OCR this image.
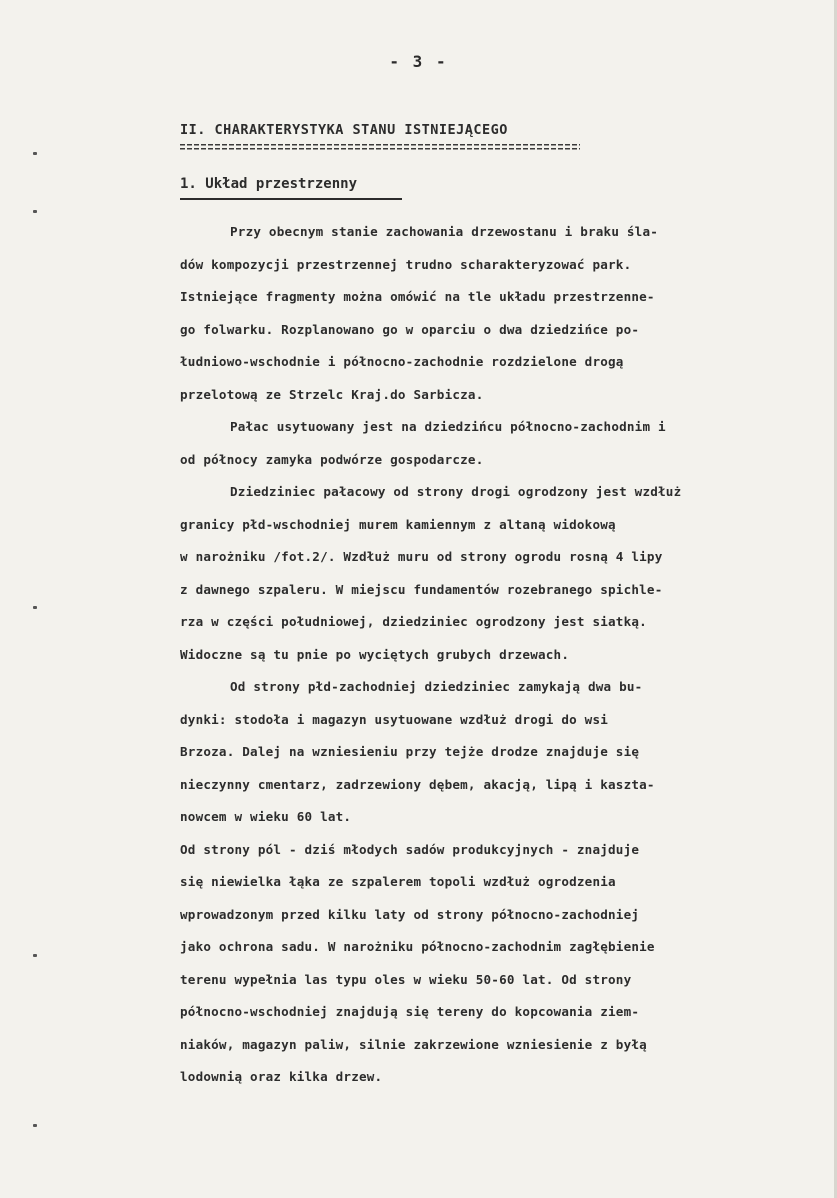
- 3 -
II. CHARAKTERYSTYKA STANU ISTNIEJĄCEGO
1. Układ przestrzenny
Przy obecnym stanie zachowania drzewostanu i braku śla-
dów kompozycji przestrzennej trudno scharakteryzować park.
Istniejące fragmenty można omówić na tle układu przestrzenne-
go folwarku. Rozplanowano go w oparciu o dwa dziedzińce po-
łudniowo-wschodnie i północno-zachodnie rozdzielone drogą
przelotową ze Strzelc Kraj.do Sarbicza.
Pałac usytuowany jest na dziedzińcu północno-zachodnim i
od północy zamyka podwórze gospodarcze.
Dziedziniec pałacowy od strony drogi ogrodzony jest wzdłuż
granicy płd-wschodniej murem kamiennym z altaną widokową
w narożniku /fot.2/. Wzdłuż muru od strony ogrodu rosną 4 lipy
z dawnego szpaleru. W miejscu fundamentów rozebranego spichle-
rza w części południowej, dziedziniec ogrodzony jest siatką.
Widoczne są tu pnie po wyciętych grubych drzewach.
Od strony płd-zachodniej dziedziniec zamykają dwa bu-
dynki: stodoła i magazyn usytuowane wzdłuż drogi do wsi
Brzoza. Dalej na wzniesieniu przy tejże drodze znajduje się
nieczynny cmentarz, zadrzewiony dębem, akacją, lipą i kaszta-
nowcem w wieku 60 lat.
Od strony pól - dziś młodych sadów produkcyjnych - znajduje
się niewielka łąka ze szpalerem topoli wzdłuż ogrodzenia
wprowadzonym przed kilku laty od strony północno-zachodniej
jako ochrona sadu. W narożniku północno-zachodnim zagłębienie
terenu wypełnia las typu oles w wieku 50-60 lat. Od strony
północno-wschodniej znajdują się tereny do kopcowania ziem-
niaków, magazyn paliw, silnie zakrzewione wzniesienie z byłą
lodownią oraz kilka drzew.
